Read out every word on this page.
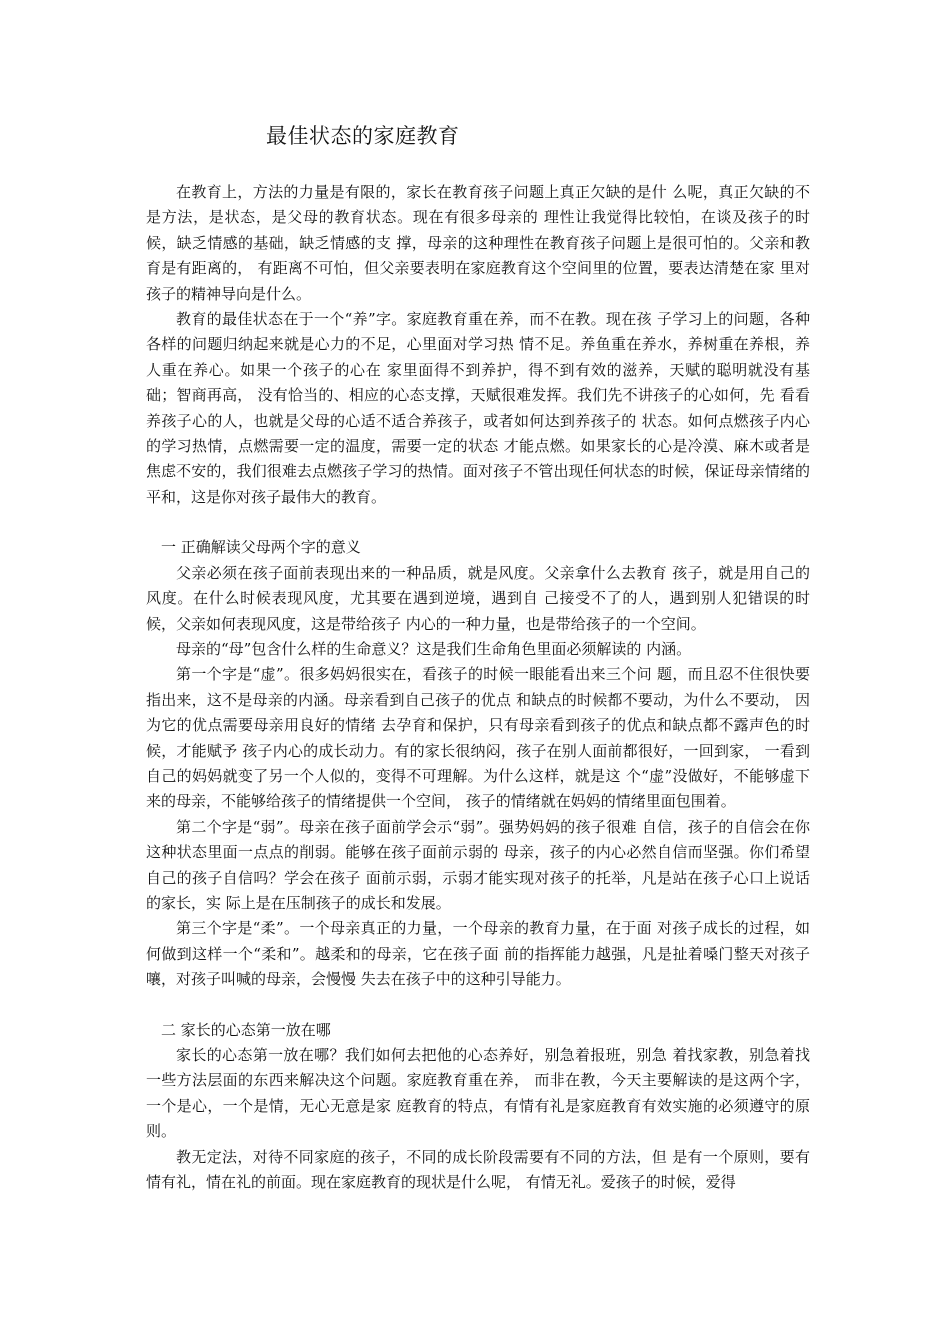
最佳状态的家庭教育

在教育上，方法的力量是有限的，家长在教育孩子问题上真正欠缺的是什 么呢，真正欠缺的不是方法，是状态，是父母的教育状态。现在有很多母亲的 理性让我觉得比较怕，在谈及孩子的时候，缺乏情感的基础，缺乏情感的支 撑，母亲的这种理性在教育孩子问题上是很可怕的。父亲和教育是有距离的， 有距离不可怕，但父亲要表明在家庭教育这个空间里的位置，要表达清楚在家 里对孩子的精神导向是什么。

教育的最佳状态在于一个“养”字。家庭教育重在养，而不在教。现在孩 子学习上的问题，各种各样的问题归纳起来就是心力的不足，心里面对学习热 情不足。养鱼重在养水，养树重在养根，养人重在养心。如果一个孩子的心在 家里面得不到养护，得不到有效的滋养，天赋的聪明就没有基础；智商再高， 没有恰当的、相应的心态支撑，天赋很难发挥。我们先不讲孩子的心如何，先 看看养孩子心的人，也就是父母的心适不适合养孩子，或者如何达到养孩子的 状态。如何点燃孩子内心的学习热情，点燃需要一定的温度，需要一定的状态 才能点燃。如果家长的心是冷漠、麻木或者是焦虑不安的，我们很难去点燃孩子学习的热情。面对孩子不管出现任何状态的时候，保证母亲情绪的平和，这是你对孩子最伟大的教育。

一 正确解读父母两个字的意义

父亲必须在孩子面前表现出来的一种品质，就是风度。父亲拿什么去教育 孩子，就是用自己的风度。在什么时候表现风度，尤其要在遇到逆境，遇到自 己接受不了的人，遇到别人犯错误的时候，父亲如何表现风度，这是带给孩子 内心的一种力量，也是带给孩子的一个空间。

母亲的“母”包含什么样的生命意义？这是我们生命角色里面必须解读的 内涵。

第一个字是“虚”。很多妈妈很实在，看孩子的时候一眼能看出来三个问 题，而且忍不住很快要指出来，这不是母亲的内涵。母亲看到自己孩子的优点 和缺点的时候都不要动，为什么不要动， 因为它的优点需要母亲用良好的情绪 去孕育和保护，只有母亲看到孩子的优点和缺点都不露声色的时候，才能赋予 孩子内心的成长动力。有的家长很纳闷，孩子在别人面前都很好，一回到家， 一看到自己的妈妈就变了另一个人似的，变得不可理解。为什么这样，就是这 个“虚”没做好，不能够虚下来的母亲，不能够给孩子的情绪提供一个空间， 孩子的情绪就在妈妈的情绪里面包围着。

第二个字是“弱”。母亲在孩子面前学会示“弱”。强势妈妈的孩子很难 自信，孩子的自信会在你这种状态里面一点点的削弱。能够在孩子面前示弱的 母亲，孩子的内心必然自信而坚强。你们希望自己的孩子自信吗？学会在孩子 面前示弱，示弱才能实现对孩子的托举，凡是站在孩子心口上说话的家长，实 际上是在压制孩子的成长和发展。

第三个字是“柔”。一个母亲真正的力量，一个母亲的教育力量，在于面 对孩子成长的过程，如何做到这样一个“柔和”。越柔和的母亲，它在孩子面 前的指挥能力越强，凡是扯着嗓门整天对孩子嚷，对孩子叫喊的母亲，会慢慢 失去在孩子中的这种引导能力。

二 家长的心态第一放在哪

家长的心态第一放在哪？我们如何去把他的心态养好，别急着报班，别急 着找家教，别急着找一些方法层面的东西来解决这个问题。家庭教育重在养， 而非在教，今天主要解读的是这两个字，一个是心，一个是情，无心无意是家 庭教育的特点，有情有礼是家庭教育有效实施的必须遵守的原则。

教无定法，对待不同家庭的孩子，不同的成长阶段需要有不同的方法，但 是有一个原则，要有情有礼，情在礼的前面。现在家庭教育的现状是什么呢， 有情无礼。爱孩子的时候，爱得
